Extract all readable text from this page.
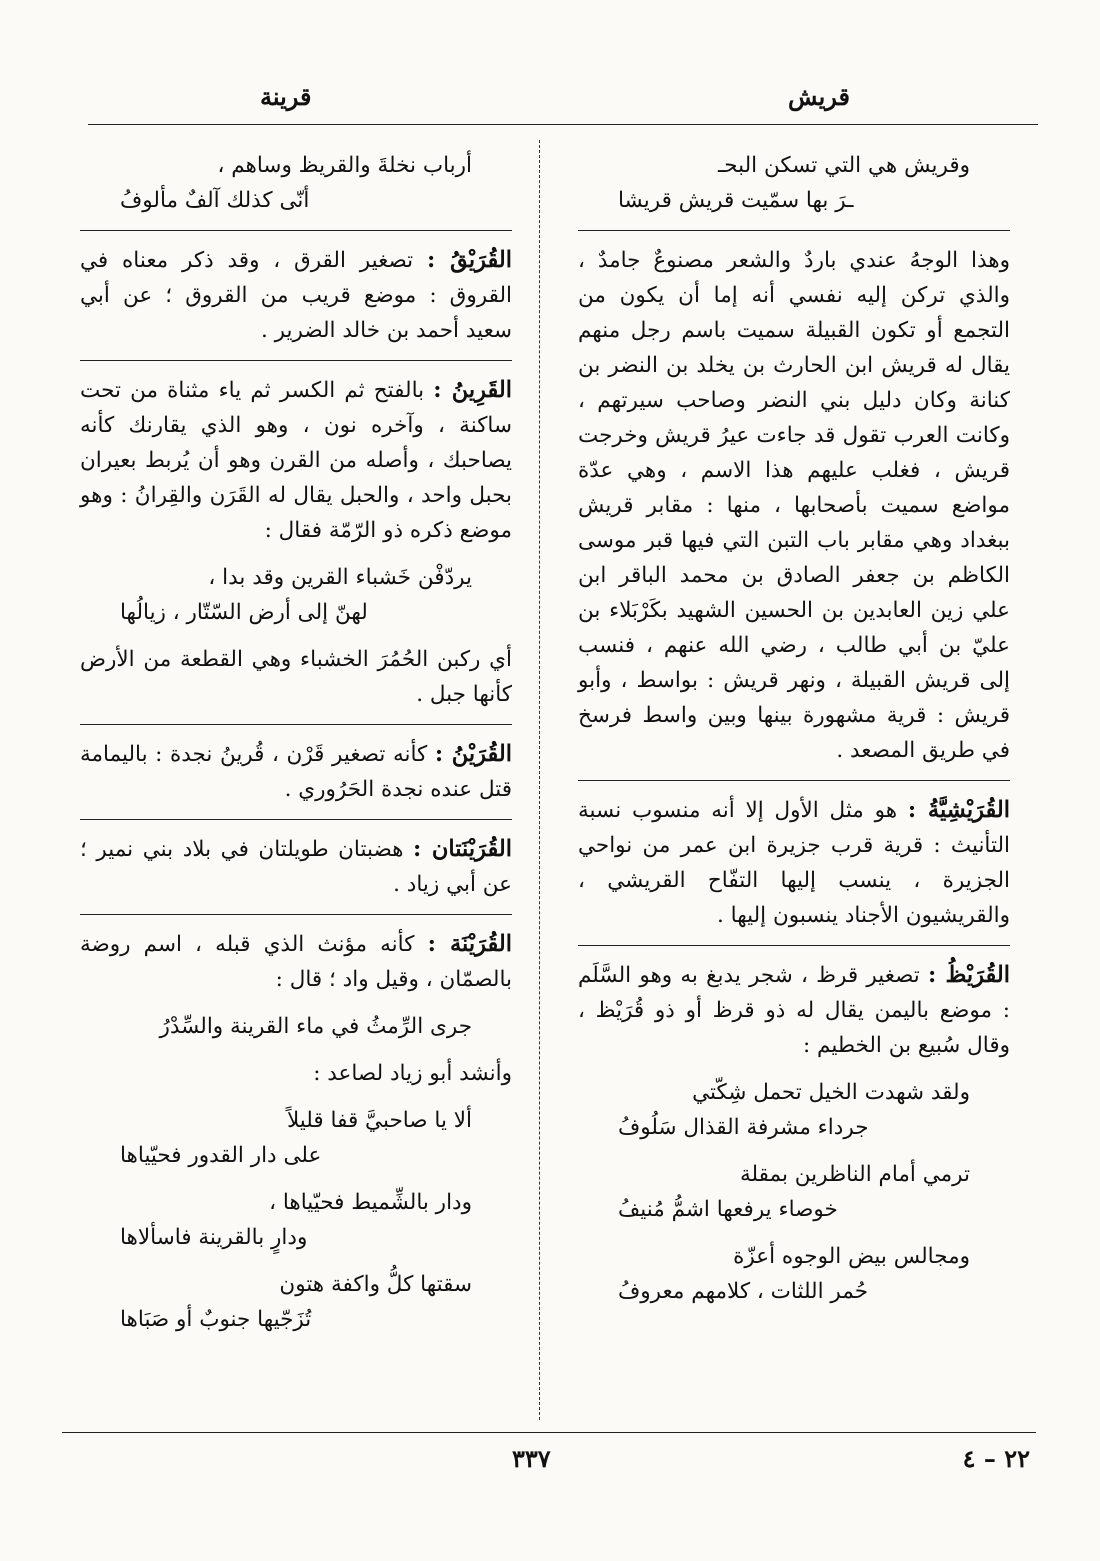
قريش
قرينة
وقريش هي التي تسكن البحـ
ـرَ بها سمّيت قريش قريشا

وهذا الوجهُ عندي باردٌ والشعر مصنوعٌ جامدٌ ، والذي تركن إليه نفسي أنه إما أن يكون من التجمع أو تكون القبيلة سميت باسم رجل منهم يقال له قريش ابن الحارث بن يخلد بن النضر بن كنانة وكان دليل بني النضر وصاحب سيرتهم ، وكانت العرب تقول قد جاءت عيرُ قريش وخرجت قريش ، فغلب عليهم هذا الاسم ، وهي عدّة مواضع سميت بأصحابها ، منها : مقابر قريش ببغداد وهي مقابر باب التبن التي فيها قبر موسى الكاظم بن جعفر الصادق بن محمد الباقر ابن علي زين العابدين بن الحسين الشهيد بكَرْبَلاء بن عليّ بن أبي طالب ، رضي الله عنهم ، فنسب إلى قريش القبيلة ، ونهر قريش : بواسط ، وأبو قريش : قرية مشهورة بينها وبين واسط فرسخ في طريق المصعد .

القُرَيْشِيَّةُ : هو مثل الأول إلا أنه منسوب نسبة التأنيث : قرية قرب جزيرة ابن عمر من نواحي الجزيرة ، ينسب إليها التفّاح القريشي ، والقريشيون الأجناد ينسبون إليها .

القُرَيْظُ : تصغير قرظ ، شجر يدبغ به وهو السَّلَم : موضع باليمن يقال له ذو قرظ أو ذو قُرَيْظ ، وقال سُبيع بن الخطيم :

ولقد شهدت الخيل تحمل شِكّتي
جرداء مشرفة القذال سَلُوفُ
ترمي أمام الناظرين بمقلة
خوصاء يرفعها اشمُّ مُنيفُ
ومجالس بيض الوجوه أعزّة
حُمر اللثات ، كلامهم معروفُ
أرباب نخلةَ والقريظ وساهم ،
أنّى كذلك آلفٌ مألوفُ

القُرَيْقُ : تصغير القرق ، وقد ذكر معناه في القروق : موضع قريب من القروق ؛ عن أبي سعيد أحمد بن خالد الضرير .

القَرِينُ : بالفتح ثم الكسر ثم ياء مثناة من تحت ساكنة ، وآخره نون ، وهو الذي يقارنك كأنه يصاحبك ، وأصله من القرن وهو أن يُربط بعيران بحبل واحد ، والحبل يقال له القَرَن والقِرانُ : وهو موضع ذكره ذو الرّمّة فقال :

يردّفْن خَشباء القرين وقد بدا ،
لهنّ إلى أرض السّتّار ، زيالُها

أي ركبن الحُمُرَ الخشباء وهي القطعة من الأرض كأنها جبل .

القُرَيْنُ : كأنه تصغير قَرْن ، قُرينُ نجدة : باليمامة قتل عنده نجدة الحَرُوري .

القُرَيْنَتان : هضبتان طويلتان في بلاد بني نمير ؛ عن أبي زياد .

القُرَيْنَة : كأنه مؤنث الذي قبله ، اسم روضة بالصمّان ، وقيل واد ؛ قال :

جرى الرِّمثُ في ماء القرينة والسِّدْرُ

وأنشد أبو زياد لصاعد :

ألا يا صاحبيَّ قفا قليلاً
على دار القدور فحيّياها
ودار بالشِّميط فحيّياها ،
ودارٍ بالقرينة فاسألاها
سقتها كلُّ واكفة هتون
تُزَجّيها جنوبٌ أو صَبَاها
٣٣٧	٢٢ – ٤
